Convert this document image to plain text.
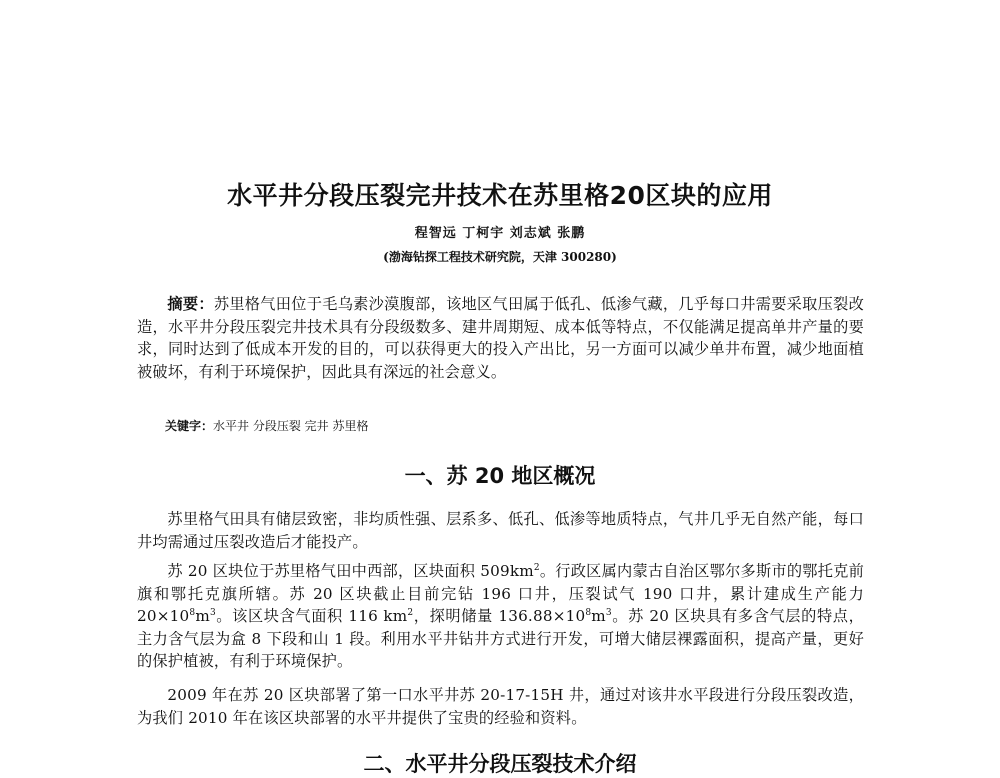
水平井分段压裂完井技术在苏里格20区块的应用
程智远 丁柯宇 刘志斌 张鹏
(渤海钻探工程技术研究院，天津 300280)
摘要：苏里格气田位于毛乌素沙漠腹部，该地区气田属于低孔、低渗气藏，几乎每口井需要采取压裂改造，水平井分段压裂完井技术具有分段级数多、建井周期短、成本低等特点，不仅能满足提高单井产量的要求，同时达到了低成本开发的目的，可以获得更大的投入产出比，另一方面可以减少单井布置，减少地面植被破坏，有利于环境保护，因此具有深远的社会意义。
关键字：水平井 分段压裂 完井 苏里格
一、苏 20 地区概况
苏里格气田具有储层致密，非均质性强、层系多、低孔、低渗等地质特点，气井几乎无自然产能，每口井均需通过压裂改造后才能投产。
苏 20 区块位于苏里格气田中西部，区块面积 $509km^2$。行政区属内蒙古自治区鄂尔多斯市的鄂托克前旗和鄂托克旗所辖。苏 20 区块截止目前完钻 196 口井，压裂试气 190 口井，累计建成生产能力 $20\times 10^8m^3$。该区块含气面积 116 $km^2$，探明储量 $136.88\times 10^8m^3$。苏 20 区块具有多含气层的特点，主力含气层为盒 8 下段和山 1 段。利用水平井钻井方式进行开发，可增大储层裸露面积，提高产量，更好的保护植被，有利于环境保护。
2009 年在苏 20 区块部署了第一口水平井苏 20-17-15H 井，通过对该井水平段进行分段压裂改造，为我们 2010 年在该区块部署的水平井提供了宝贵的经验和资料。
二、水平井分段压裂技术介绍
